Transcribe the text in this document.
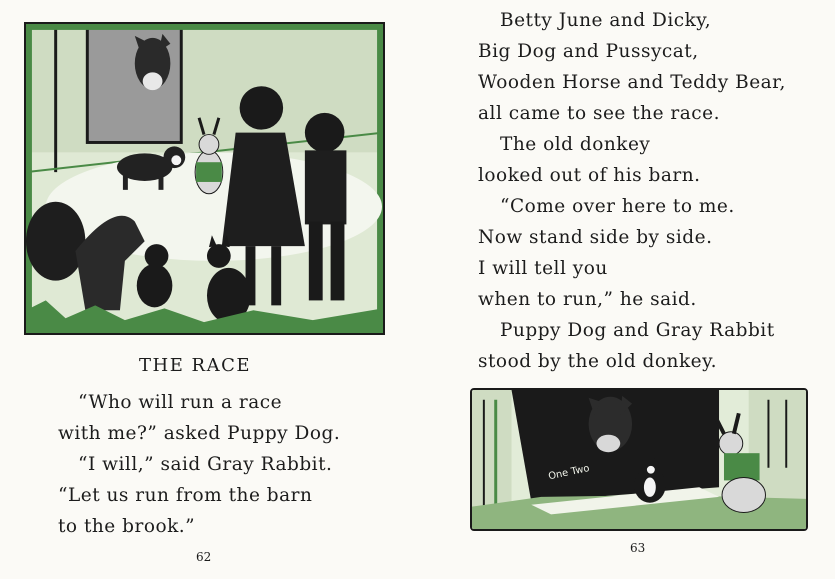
THE RACE
“Who will run a race
with me?” asked Puppy Dog.
“I will,” said Gray Rabbit.
“Let us run from the barn
to the brook.”
62
Betty June and Dicky,
Big Dog and Pussycat,
Wooden Horse and Teddy Bear,
all came to see the race.
The old donkey
looked out of his barn.
“Come over here to me.
Now stand side by side.
I will tell you
when to run,” he said.
Puppy Dog and Gray Rabbit
stood by the old donkey.
One Two
63
